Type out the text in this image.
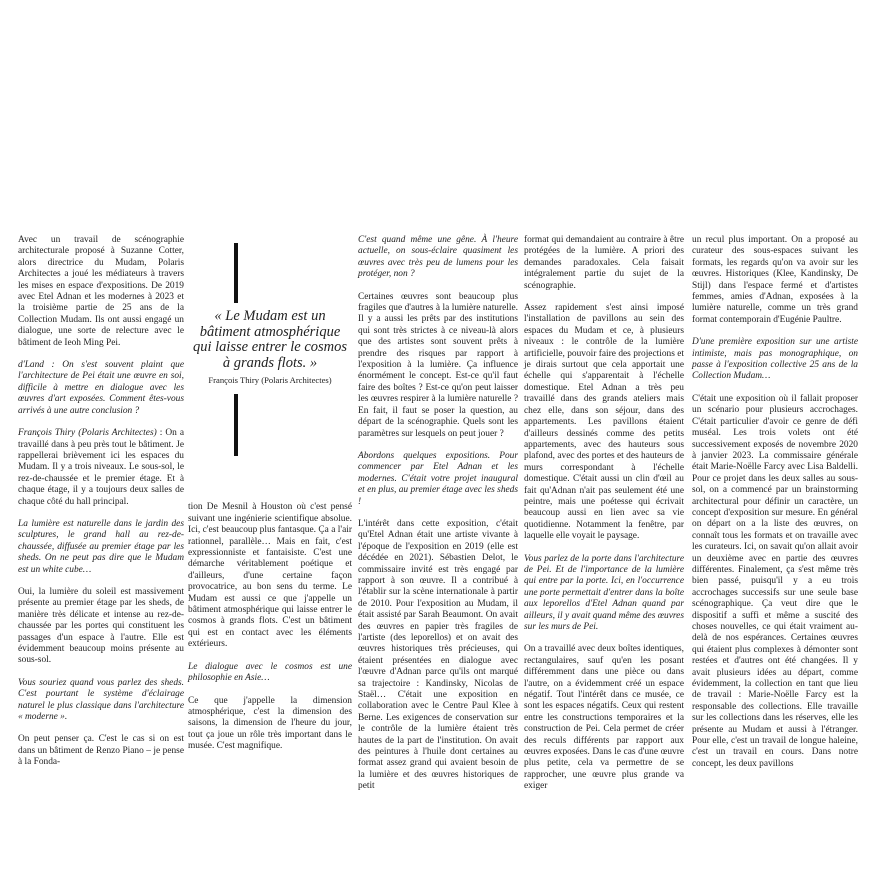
Avec un travail de scénographie architecturale proposé à Suzanne Cotter, alors directrice du Mudam, Polaris Architectes a joué les médiateurs à travers les mises en espace d'expositions. De 2019 avec Etel Adnan et les modernes à 2023 et la troisième partie de 25 ans de la Collection Mudam. Ils ont aussi engagé un dialogue, une sorte de relecture avec le bâtiment de Ieoh Ming Pei.

d'Land : On s'est souvent plaint que l'architecture de Pei était une œuvre en soi, difficile à mettre en dialogue avec les œuvres d'art exposées. Comment êtes-vous arrivés à une autre conclusion ?

François Thiry (Polaris Architectes) : On a travaillé dans à peu près tout le bâtiment. Je rappellerai brièvement ici les espaces du Mudam. Il y a trois niveaux. Le sous-sol, le rez-de-chaussée et le premier étage. Et à chaque étage, il y a toujours deux salles de chaque côté du hall principal.

La lumière est naturelle dans le jardin des sculptures, le grand hall au rez-de-chaussée, diffusée au premier étage par les sheds. On ne peut pas dire que le Mudam est un white cube…

Oui, la lumière du soleil est massivement présente au premier étage par les sheds, de manière très délicate et intense au rez-de-chaussée par les portes qui constituent les passages d'un espace à l'autre. Elle est évidemment beaucoup moins présente au sous-sol.

Vous souriez quand vous parlez des sheds. C'est pourtant le système d'éclairage naturel le plus classique dans l'architecture « moderne ».

On peut penser ça. C'est le cas si on est dans un bâtiment de Renzo Piano – je pense à la Fonda-

« Le Mudam est un bâtiment atmosphérique qui laisse entrer le cosmos à grands flots. »
François Thiry (Polaris Architectes)

tion De Mesnil à Houston où c'est pensé suivant une ingénierie scientifique absolue. Ici, c'est beaucoup plus fantasque. Ça a l'air rationnel, parallèle… Mais en fait, c'est expressionniste et fantaisiste. C'est une démarche véritablement poétique et d'ailleurs, d'une certaine façon provocatrice, au bon sens du terme. Le Mudam est aussi ce que j'appelle un bâtiment atmosphérique qui laisse entrer le cosmos à grands flots. C'est un bâtiment qui est en contact avec les éléments extérieurs.

Le dialogue avec le cosmos est une philosophie en Asie…

Ce que j'appelle la dimension atmosphérique, c'est la dimension des saisons, la dimension de l'heure du jour, tout ça joue un rôle très important dans le musée. C'est magnifique.

C'est quand même une gêne. À l'heure actuelle, on sous-éclaire quasiment les œuvres avec très peu de lumens pour les protéger, non ?

Certaines œuvres sont beaucoup plus fragiles que d'autres à la lumière naturelle. Il y a aussi les prêts par des institutions qui sont très strictes à ce niveau-là alors que des artistes sont souvent prêts à prendre des risques par rapport à l'exposition à la lumière. Ça influence énormément le concept. Est-ce qu'il faut faire des boîtes ? Est-ce qu'on peut laisser les œuvres respirer à la lumière naturelle ? En fait, il faut se poser la question, au départ de la scénographie. Quels sont les paramètres sur lesquels on peut jouer ?

Abordons quelques expositions. Pour commencer par Etel Adnan et les modernes. C'était votre projet inaugural et en plus, au premier étage avec les sheds !

L'intérêt dans cette exposition, c'était qu'Etel Adnan était une artiste vivante à l'époque de l'exposition en 2019 (elle est décédée en 2021). Sébastien Delot, le commissaire invité est très engagé par rapport à son œuvre. Il a contribué à l'établir sur la scène internationale à partir de 2010. Pour l'exposition au Mudam, il était assisté par Sarah Beaumont. On avait des œuvres en papier très fragiles de l'artiste (des leporellos) et on avait des œuvres historiques très précieuses, qui étaient présentées en dialogue avec l'œuvre d'Adnan parce qu'ils ont marqué sa trajectoire : Kandinsky, Nicolas de Staël… C'était une exposition en collaboration avec le Centre Paul Klee à Berne. Les exigences de conservation sur le contrôle de la lumière étaient très hautes de la part de l'institution. On avait des peintures à l'huile dont certaines au format assez grand qui avaient besoin de la lumière et des œuvres historiques de petit

format qui demandaient au contraire à être protégées de la lumière. A priori des demandes paradoxales. Cela faisait intégralement partie du sujet de la scénographie.

Assez rapidement s'est ainsi imposé l'installation de pavillons au sein des espaces du Mudam et ce, à plusieurs niveaux : le contrôle de la lumière artificielle, pouvoir faire des projections et je dirais surtout que cela apportait une échelle qui s'apparentait à l'échelle domestique. Etel Adnan a très peu travaillé dans des grands ateliers mais chez elle, dans son séjour, dans des appartements. Les pavillons étaient d'ailleurs dessinés comme des petits appartements, avec des hauteurs sous plafond, avec des portes et des hauteurs de murs correspondant à l'échelle domestique. C'était aussi un clin d'œil au fait qu'Adnan n'ait pas seulement été une peintre, mais une poétesse qui écrivait beaucoup aussi en lien avec sa vie quotidienne. Notamment la fenêtre, par laquelle elle voyait le paysage.

Vous parlez de la porte dans l'architecture de Pei. Et de l'importance de la lumière qui entre par la porte. Ici, en l'occurrence une porte permettait d'entrer dans la boîte aux leporellos d'Etel Adnan quand par ailleurs, il y avait quand même des œuvres sur les murs de Pei.

On a travaillé avec deux boîtes identiques, rectangulaires, sauf qu'en les posant différemment dans une pièce ou dans l'autre, on a évidemment créé un espace négatif. Tout l'intérêt dans ce musée, ce sont les espaces négatifs. Ceux qui restent entre les constructions temporaires et la construction de Pei. Cela permet de créer des reculs différents par rapport aux œuvres exposées. Dans le cas d'une œuvre plus petite, cela va permettre de se rapprocher, une œuvre plus grande va exiger

un recul plus important. On a proposé au curateur des sous-espaces suivant les formats, les regards qu'on va avoir sur les œuvres. Historiques (Klee, Kandinsky, De Stijl) dans l'espace fermé et d'artistes femmes, amies d'Adnan, exposées à la lumière naturelle, comme un très grand format contemporain d'Eugénie Paultre.

D'une première exposition sur une artiste intimiste, mais pas monographique, on passe à l'exposition collective 25 ans de la Collection Mudam…

C'était une exposition où il fallait proposer un scénario pour plusieurs accrochages. C'était particulier d'avoir ce genre de défi muséal. Les trois volets ont été successivement exposés de novembre 2020 à janvier 2023. La commissaire générale était Marie-Noëlle Farcy avec Lisa Baldelli. Pour ce projet dans les deux salles au sous-sol, on a commencé par un brainstorming architectural pour définir un caractère, un concept d'exposition sur mesure. En général on départ on a la liste des œuvres, on connaît tous les formats et on travaille avec les curateurs. Ici, on savait qu'on allait avoir un deuxième avec en partie des œuvres différentes. Finalement, ça s'est même très bien passé, puisqu'il y a eu trois accrochages successifs sur une seule base scénographique. Ça veut dire que le dispositif a suffi et même a suscité des choses nouvelles, ce qui était vraiment au-delà de nos espérances. Certaines œuvres qui étaient plus complexes à démonter sont restées et d'autres ont été changées. Il y avait plusieurs idées au départ, comme évidemment, la collection en tant que lieu de travail : Marie-Noëlle Farcy est la responsable des collections. Elle travaille sur les collections dans les réserves, elle les présente au Mudam et aussi à l'étranger. Pour elle, c'est un travail de longue haleine, c'est un travail en cours. Dans notre concept, les deux pavillons
